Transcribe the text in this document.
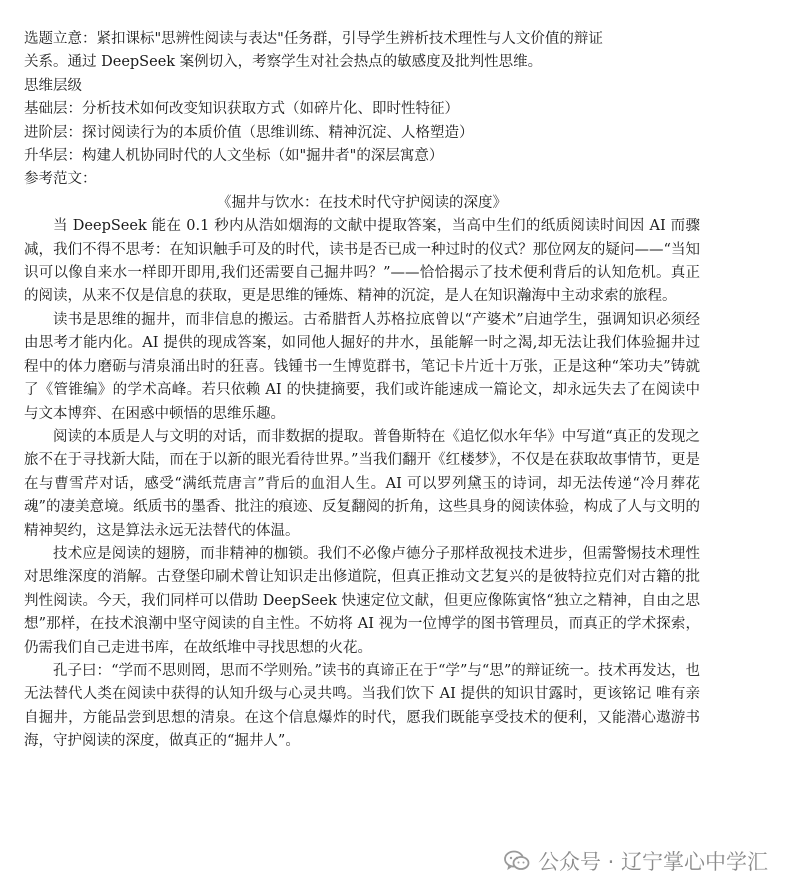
选题立意：紧扣课标"思辨性阅读与表达"任务群，引导学生辨析技术理性与人文价值的辩证

关系。通过 DeepSeek 案例切入，考察学生对社会热点的敏感度及批判性思维。

思维层级

基础层：分析技术如何改变知识获取方式（如碎片化、即时性特征）

进阶层：探讨阅读行为的本质价值（思维训练、精神沉淀、人格塑造）

升华层：构建人机协同时代的人文坐标（如"掘井者"的深层寓意）

参考范文：

《掘井与饮水：在技术时代守护阅读的深度》

当 DeepSeek 能在 0.1 秒内从浩如烟海的文献中提取答案，当高中生们的纸质阅读时间因 AI 而骤减，我们不得不思考：在知识触手可及的时代，读书是否已成一种过时的仪式？那位网友的疑问——“当知识可以像自来水一样即开即用,我们还需要自己掘井吗？”——恰恰揭示了技术便利背后的认知危机。真正的阅读，从来不仅是信息的获取，更是思维的锤炼、精神的沉淀，是人在知识瀚海中主动求索的旅程。

读书是思维的掘井，而非信息的搬运。古希腊哲人苏格拉底曾以“产婆术”启迪学生，强调知识必须经由思考才能内化。AI 提供的现成答案，如同他人掘好的井水，虽能解一时之渴,却无法让我们体验掘井过程中的体力磨砺与清泉涌出时的狂喜。钱锺书一生博览群书，笔记卡片近十万张，正是这种“笨功夫”铸就了《管锥编》的学术高峰。若只依赖 AI 的快捷摘要，我们或许能速成一篇论文，却永远失去了在阅读中与文本博弈、在困惑中顿悟的思维乐趣。

阅读的本质是人与文明的对话，而非数据的提取。普鲁斯特在《追忆似水年华》中写道“真正的发现之旅不在于寻找新大陆，而在于以新的眼光看待世界。”当我们翻开《红楼梦》，不仅是在获取故事情节，更是在与曹雪芹对话，感受“满纸荒唐言”背后的血泪人生。AI 可以罗列黛玉的诗词，却无法传递“冷月葬花魂”的凄美意境。纸质书的墨香、批注的痕迹、反复翻阅的折角，这些具身的阅读体验，构成了人与文明的精神契约，这是算法永远无法替代的体温。

技术应是阅读的翅膀，而非精神的枷锁。我们不必像卢德分子那样敌视技术进步，但需警惕技术理性对思维深度的消解。古登堡印刷术曾让知识走出修道院，但真正推动文艺复兴的是彼特拉克们对古籍的批判性阅读。今天，我们同样可以借助 DeepSeek 快速定位文献，但更应像陈寅恪“独立之精神，自由之思想”那样，在技术浪潮中坚守阅读的自主性。不妨将 AI 视为一位博学的图书管理员，而真正的学术探索，仍需我们自己走进书库，在故纸堆中寻找思想的火花。

孔子曰：“学而不思则罔，思而不学则殆。”读书的真谛正在于“学”与“思”的辩证统一。技术再发达，也无法替代人类在阅读中获得的认知升级与心灵共鸣。当我们饮下 AI 提供的知识甘露时，更该铭记 唯有亲自掘井，方能品尝到思想的清泉。在这个信息爆炸的时代，愿我们既能享受技术的便利，又能潜心遨游书海，守护阅读的深度，做真正的“掘井人”。

公众号 · 辽宁掌心中学汇
